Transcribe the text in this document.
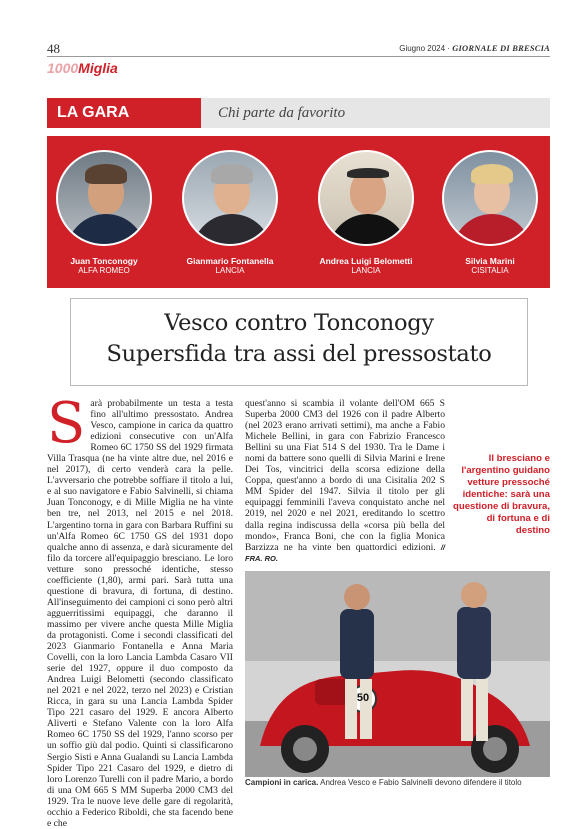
48	Giugno 2024 · GIORNALE DI BRESCIA
1000Miglia
LA GARA	Chi parte da favorito
Juan Tonconogy
ALFA ROMEO
Gianmario Fontanella
LANCIA
Andrea Luigi Belometti
LANCIA
Silvia Marini
CISITALIA
Vesco contro Tonconogy
Supersfida tra assi del pressostato
Sarà probabilmente un testa a testa fino all'ultimo pressostato. Andrea Vesco, campione in carica da quattro edizioni consecutive con un'Alfa Romeo 6C 1750 SS del 1929 firmata Villa Trasqua (ne ha vinte altre due, nel 2016 e nel 2017), di certo venderà cara la pelle. L'avversario che potrebbe soffiare il titolo a lui, e al suo navigatore e Fabio Salvinelli, si chiama Juan Tonconogy, e di Mille Miglia ne ha vinte ben tre, nel 2013, nel 2015 e nel 2018. L'argentino torna in gara con Barbara Ruffini su un'Alfa Romeo 6C 1750 GS del 1931 dopo qualche anno di assenza, e darà sicuramente del filo da torcere all'equipaggio bresciano. Le loro vetture sono pressoché identiche, stesso coefficiente (1,80), armi pari. Sarà tutta una questione di bravura, di fortuna, di destino. All'inseguimento dei campioni ci sono però altri agguerritissimi equipaggi, che daranno il massimo per vivere anche questa Mille Miglia da protagonisti. Come i secondi classificati del 2023 Gianmario Fontanella e Anna Maria Covelli, con la loro Lancia Lambda Casaro VII serie del 1927, oppure il duo composto da Andrea Luigi Belometti (secondo classificato nel 2021 e nel 2022, terzo nel 2023) e Cristian Ricca, in gara su una Lancia Lambda Spider Tipo 221 casaro del 1929. E ancora Alberto Aliverti e Stefano Valente con la loro Alfa Romeo 6C 1750 SS del 1929, l'anno scorso per un soffio giù dal podio. Quinti si classificarono Sergio Sisti e Anna Gualandi su Lancia Lambda Spider Tipo 221 Casaro del 1929, e dietro di loro Lorenzo Turelli con il padre Mario, a bordo di una OM 665 S MM Superba 2000 CM3 del 1929. Tra le nuove leve delle gare di regolarità, occhio a Federico Riboldi, che sta facendo bene e che
quest'anno si scambia il volante dell'OM 665 S Superba 2000 CM3 del 1926 con il padre Alberto (nel 2023 erano arrivati settimi), ma anche a Fabio Michele Bellini, in gara con Fabrizio Francesco Bellini su una Fiat 514 S del 1930. Tra le Dame i nomi da battere sono quelli di Silvia Marini e Irene Dei Tos, vincitrici della scorsa edizione della Coppa, quest'anno a bordo di una Cisitalia 202 S MM Spider del 1947. Silvia il titolo per gli equipaggi femminili l'aveva conquistato anche nel 2019, nel 2020 e nel 2021, ereditando lo scettro dalla regina indiscussa della «corsa più bella del mondo», Franca Boni, che con la figlia Monica Barzizza ne ha vinte ben quattordici edizioni. // FRA. RO.
Il bresciano e l'argentino guidano vetture pressoché identiche: sarà una questione di bravura, di fortuna e di destino
50
Campioni in carica. Andrea Vesco e Fabio Salvinelli devono difendere il titolo
